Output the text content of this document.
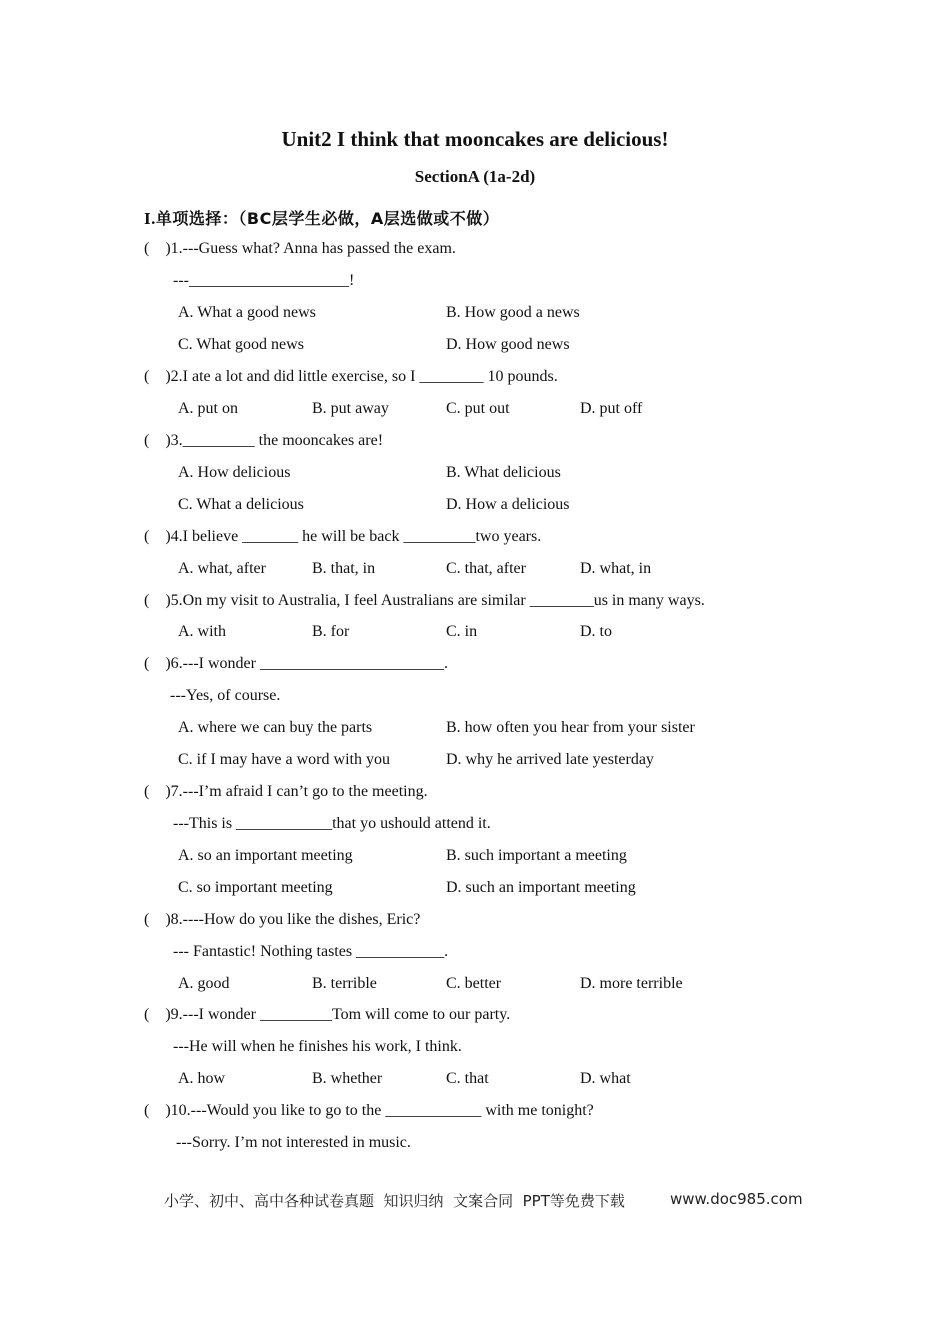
Unit2 I think that mooncakes are delicious!
SectionA (1a-2d)
I.单项选择：（BC层学生必做，A层选做或不做）
(    )1.---Guess what? Anna has passed the exam.
---____________________!
A. What a good news	B. How good a news
C. What good news	D. How good news
(    )2.I ate a lot and did little exercise, so I ________ 10 pounds.
A. put on	B. put away	C. put out	D. put off
(    )3._________ the mooncakes are!
A. How delicious	B. What delicious
C. What a delicious	D. How a delicious
(    )4.I believe _______ he will be back _________two years.
A. what, after	B. that, in	C. that, after	D. what, in
(    )5.On my visit to Australia, I feel Australians are similar ________us in many ways.
A. with	B. for	C. in	D. to
(    )6.---I wonder _______________________.
---Yes, of course.
A. where we can buy the parts	B. how often you hear from your sister
C. if I may have a word with you	D. why he arrived late yesterday
(    )7.---I’m afraid I can’t go to the meeting.
---This is ____________that yo ushould attend it.
A. so an important meeting	B. such important a meeting
C. so important meeting	D. such an important meeting
(    )8.----How do you like the dishes, Eric?
--- Fantastic! Nothing tastes ___________.
A. good	B. terrible	C. better	D. more terrible
(    )9.---I wonder _________Tom will come to our party.
---He will when he finishes his work, I think.
A. how	B. whether	C. that	D. what
(    )10.---Would you like to go to the ____________ with me tonight?
---Sorry. I’m not interested in music.
小学、初中、高中各种试卷真题  知识归纳  文案合同  PPT等免费下载	www.doc985.com
